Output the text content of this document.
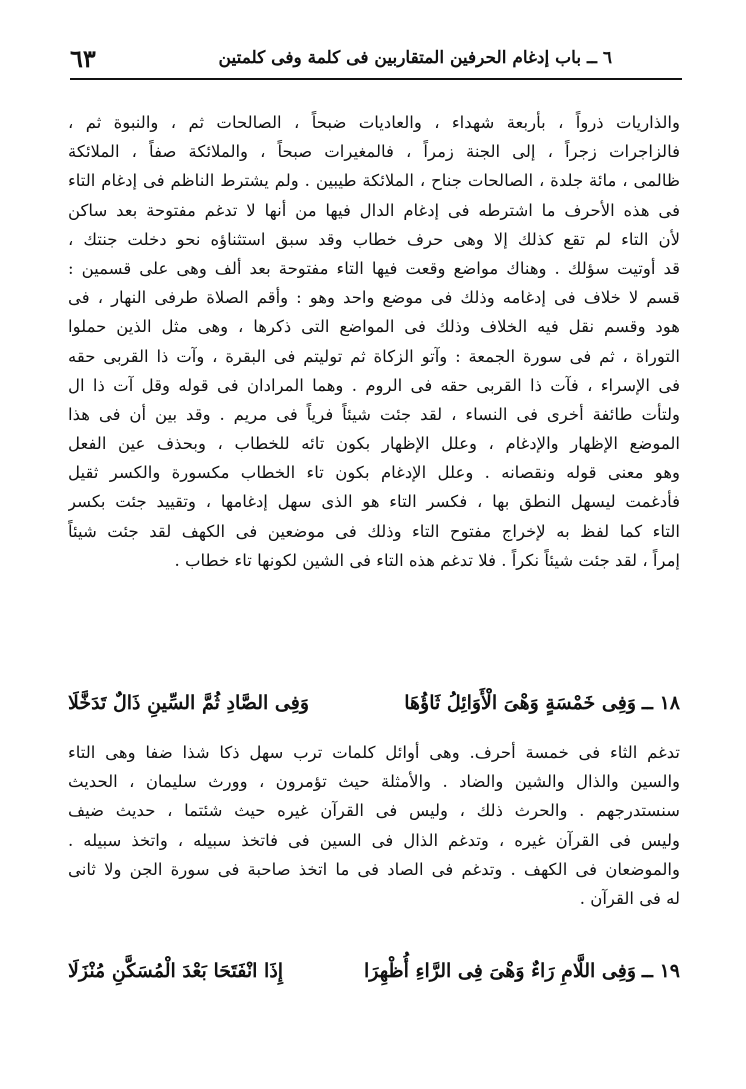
٦ ــ باب إدغام الحرفين المتقاربين فى كلمة وفى كلمتين
٦٣
والذاريات ذرواً ، بأربعة شهداء ، والعاديات ضبحاً ، الصالحات ثم ، والنبوة ثم ،
فالزاجرات زجراً ، إلى الجنة زمراً ، فالمغيرات صبحاً ، والملائكة صفاً ، الملائكة
ظالمى ، مائة جلدة ، الصالحات جناح ، الملائكة طيبين . ولم يشترط الناظم فى إدغام التاء
فى هذه الأحرف ما اشترطه فى إدغام الدال فيها من أنها لا تدغم مفتوحة بعد ساكن
لأن التاء لم تقع كذلك إلا وهى حرف خطاب وقد سبق استثناؤه نحو دخلت جنتك ،
قد أوتيت سؤلك . وهناك مواضع وقعت فيها التاء مفتوحة بعد ألف وهى على قسمين :
قسم لا خلاف فى إدغامه وذلك فى موضع واحد وهو : وأقم الصلاة طرفى النهار ، فى
هود وقسم نقل فيه الخلاف وذلك فى المواضع التى ذكرها ، وهى مثل الذين حملوا
التوراة ، ثم فى سورة الجمعة : وآتو الزكاة ثم توليتم فى البقرة ، وآت ذا القربى حقه
فى الإسراء ، فآت ذا القربى حقه فى الروم . وهما المرادان فى قوله وقل آت ذا ال
ولتأت طائفة أخرى فى النساء ، لقد جئت شيئاً فرياً فى مريم . وقد بين أن فى هذا
الموضع الإظهار والإدغام ، وعلل الإظهار بكون تائه للخطاب ، وبحذف عين الفعل
وهو معنى قوله ونقصانه . وعلل الإدغام بكون تاء الخطاب مكسورة والكسر ثقيل
فأدغمت ليسهل النطق بها ، فكسر التاء هو الذى سهل إدغامها ، وتقييد جئت بكسر
التاء كما لفظ به لإخراج مفتوح التاء وذلك فى موضعين فى الكهف لقد جئت شيئاً
إمراً ، لقد جئت شيئاً نكراً . فلا تدغم هذه التاء فى الشين لكونها تاء خطاب .
١٨ ــ
وَفِى خَمْسَةٍ وَهْىَ الْأَوَائِلُ ثَاؤُهَا
وَفِى الصَّادِ ثُمَّ السِّينِ ذَالٌ تَدَخَّلَا
تدغم الثاء فى خمسة أحرف. وهى أوائل كلمات ترب سهل ذكا شذا ضفا وهى التاء
والسين والذال والشين والضاد . والأمثلة حيث تؤمرون ، وورث سليمان ، الحديث
سنستدرجهم . والحرث ذلك ، وليس فى القرآن غيره حيث شئتما ، حديث ضيف
وليس فى القرآن غيره ، وتدغم الذال فى السين فى فاتخذ سبيله ، واتخذ سبيله .
والموضعان فى الكهف . وتدغم فى الصاد فى ما اتخذ صاحبة فى سورة الجن ولا ثانى
له فى القرآن .
١٩ ــ
وَفِى اللَّامِ رَاءٌ وَهْىَ فِى الرَّاءِ أُظْهِرَا
إِذَا انْفَتَحَا بَعْدَ الْمُسَكَّنِ مُنْزَلَا
